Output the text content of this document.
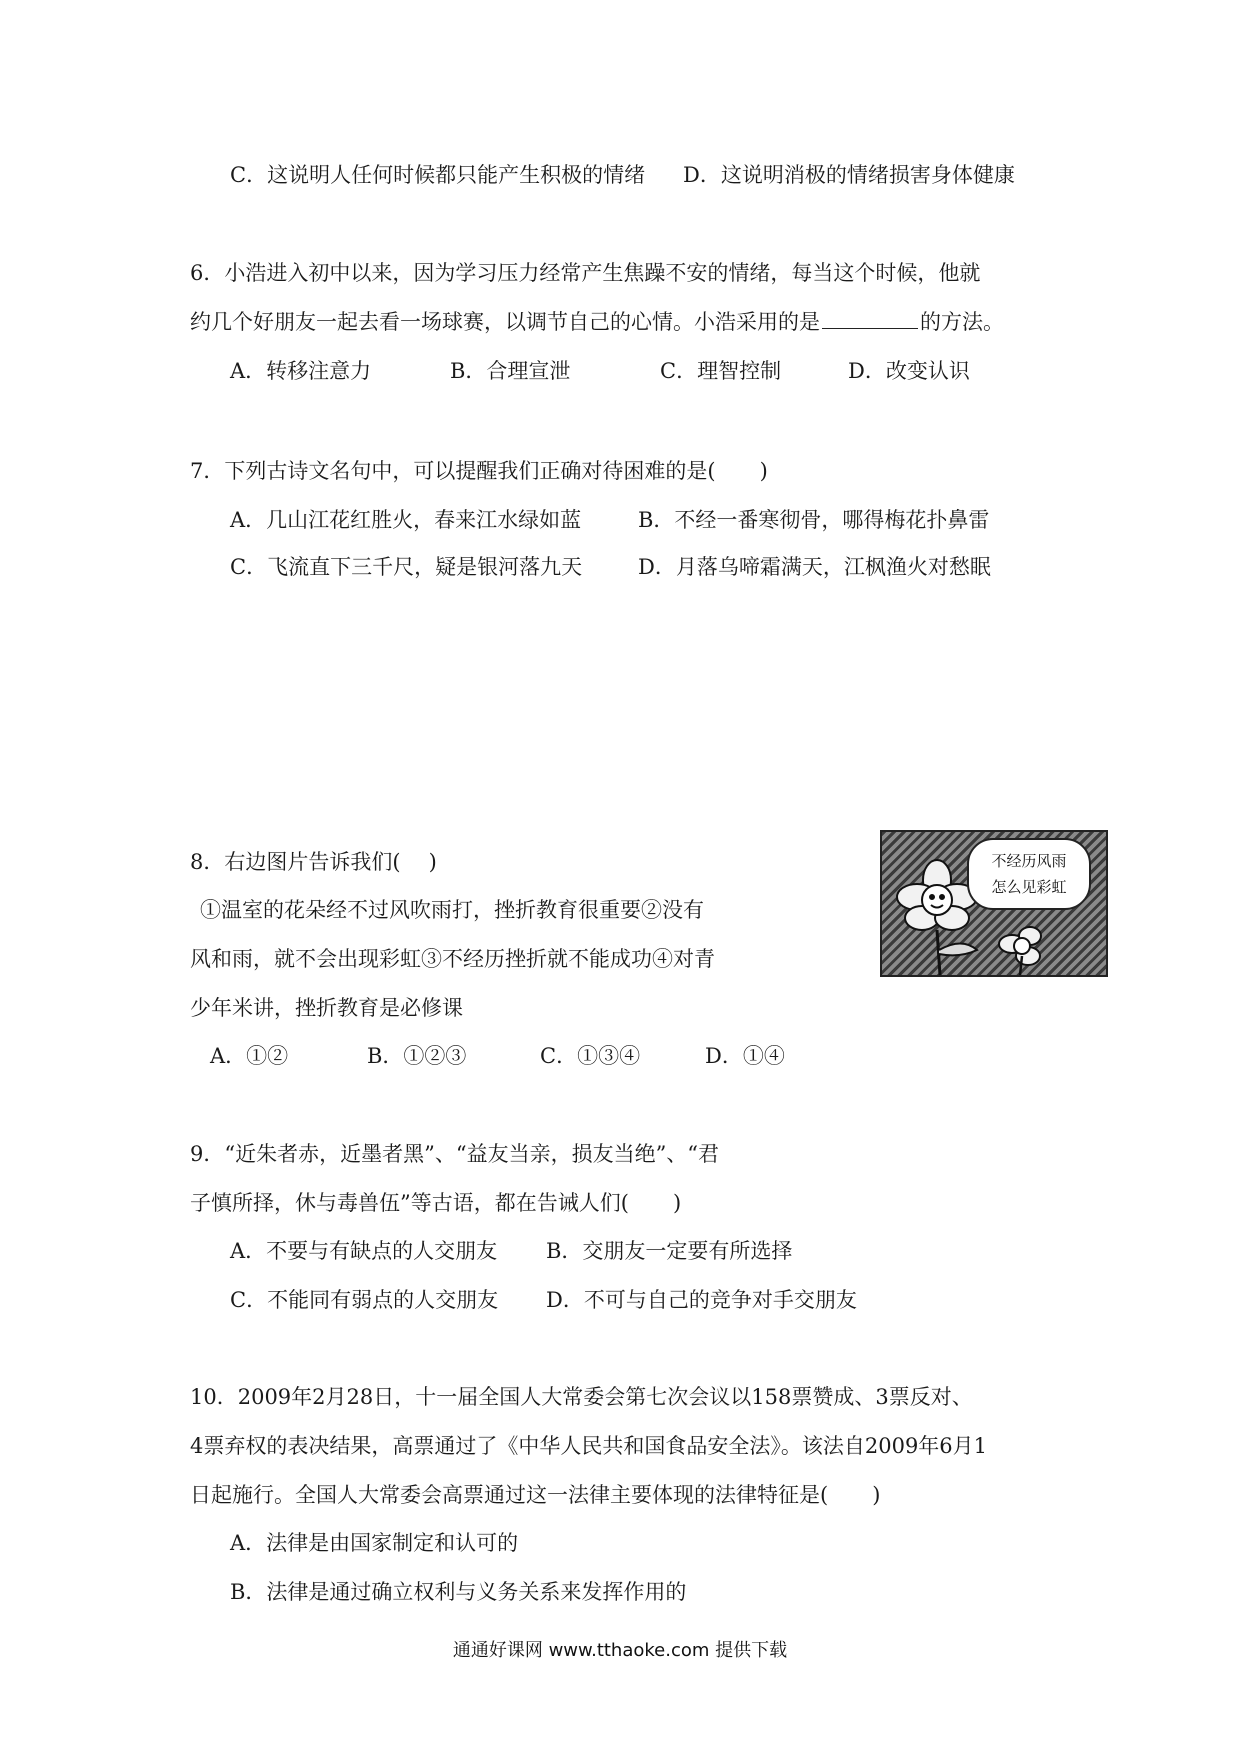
C．这说明人任何时候都只能产生积极的情绪 D．这说明消极的情绪损害身体健康
6．小浩进入初中以来，因为学习压力经常产生焦躁不安的情绪，每当这个时候，他就
约几个好朋友一起去看一场球赛，以调节自己的心情。小浩采用的是	的方法。
A．转移注意力	B．合理宣泄	C．理智控制	D．改变认识
7．下列古诗文名句中，可以提醒我们正确对待困难的是( )
A．几山江花红胜火，春来江水绿如蓝	B．不经一番寒彻骨，哪得梅花扑鼻雷
C．飞流直下三千尺，疑是银河落九天	D．月落乌啼霜满天，江枫渔火对愁眠
8．右边图片告诉我们( )
①温室的花朵经不过风吹雨打，挫折教育很重要②没有
风和雨，就不会出现彩虹③不经历挫折就不能成功④对青
少年米讲，挫折教育是必修课
A．①②	B．①②③	C．①③④	D．①④
不经历风雨
怎么见彩虹
9．“近朱者赤，近墨者黑”、“益友当亲，损友当绝”、“君
子慎所择，休与毒兽伍”等古语，都在告诫人们( )
A．不要与有缺点的人交朋友 B．交朋友一定要有所选择
C．不能同有弱点的人交朋友 D．不可与自己的竞争对手交朋友
10．2009年2月28日，十一届全国人大常委会第七次会议以158票赞成、3票反对、
4票弃权的表决结果，高票通过了《中华人民共和国食品安全法》。该法自2009年6月1
日起施行。全国人大常委会高票通过这一法律主要体现的法律特征是( )
A．法律是由国家制定和认可的
B．法律是通过确立权利与义务关系来发挥作用的
通通好课网 www.tthaoke.com 提供下载
